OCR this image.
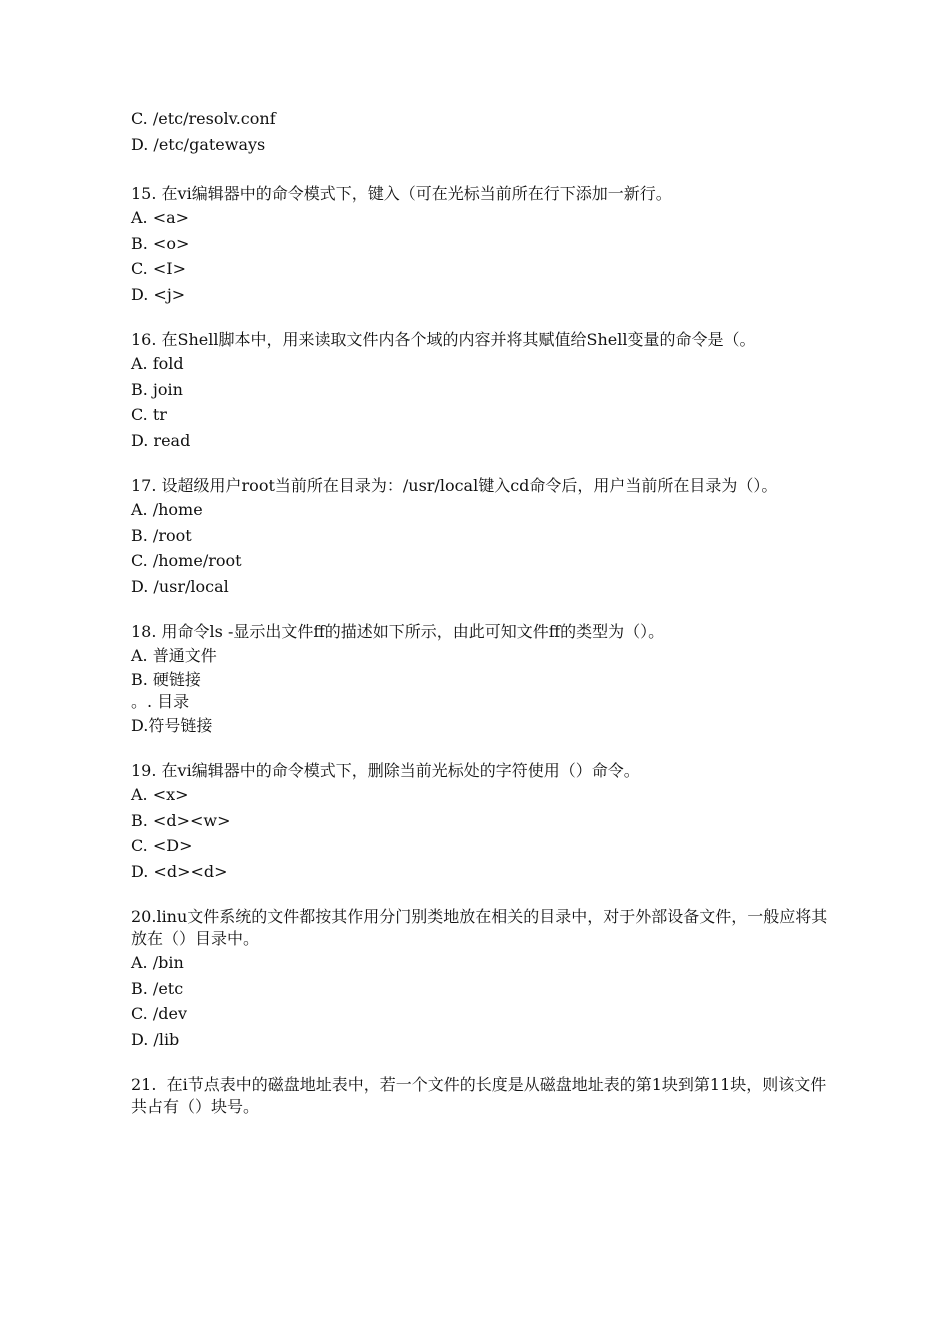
C. /etc/resolv.conf
D. /etc/gateways
15. 在vi编辑器中的命令模式下，键入（可在光标当前所在行下添加一新行。
A. <a>
B. <o>
C. <I>
D. <j>
16. 在Shell脚本中，用来读取文件内各个域的内容并将其赋值给Shell变量的命令是（。
A. fold
B. join
C. tr
D. read
17. 设超级用户root当前所在目录为：/usr/local键入cd命令后，用户当前所在目录为（）。
A. /home
B. /root
C. /home/root
D. /usr/local
18. 用命令ls -显示出文件ff的描述如下所示，由此可知文件ff的类型为（）。
A. 普通文件
B. 硬链接
。. 目录
D.符号链接
19. 在vi编辑器中的命令模式下，删除当前光标处的字符使用（）命令。
A. <x>
B. <d><w>
C. <D>
D. <d><d>
20.linu文件系统的文件都按其作用分门别类地放在相关的目录中，对于外部设备文件，一般应将其放在（）目录中。
A. /bin
B. /etc
C. /dev
D. /lib
21.  在i节点表中的磁盘地址表中，若一个文件的长度是从磁盘地址表的第1块到第11块，则该文件共占有（）块号。
